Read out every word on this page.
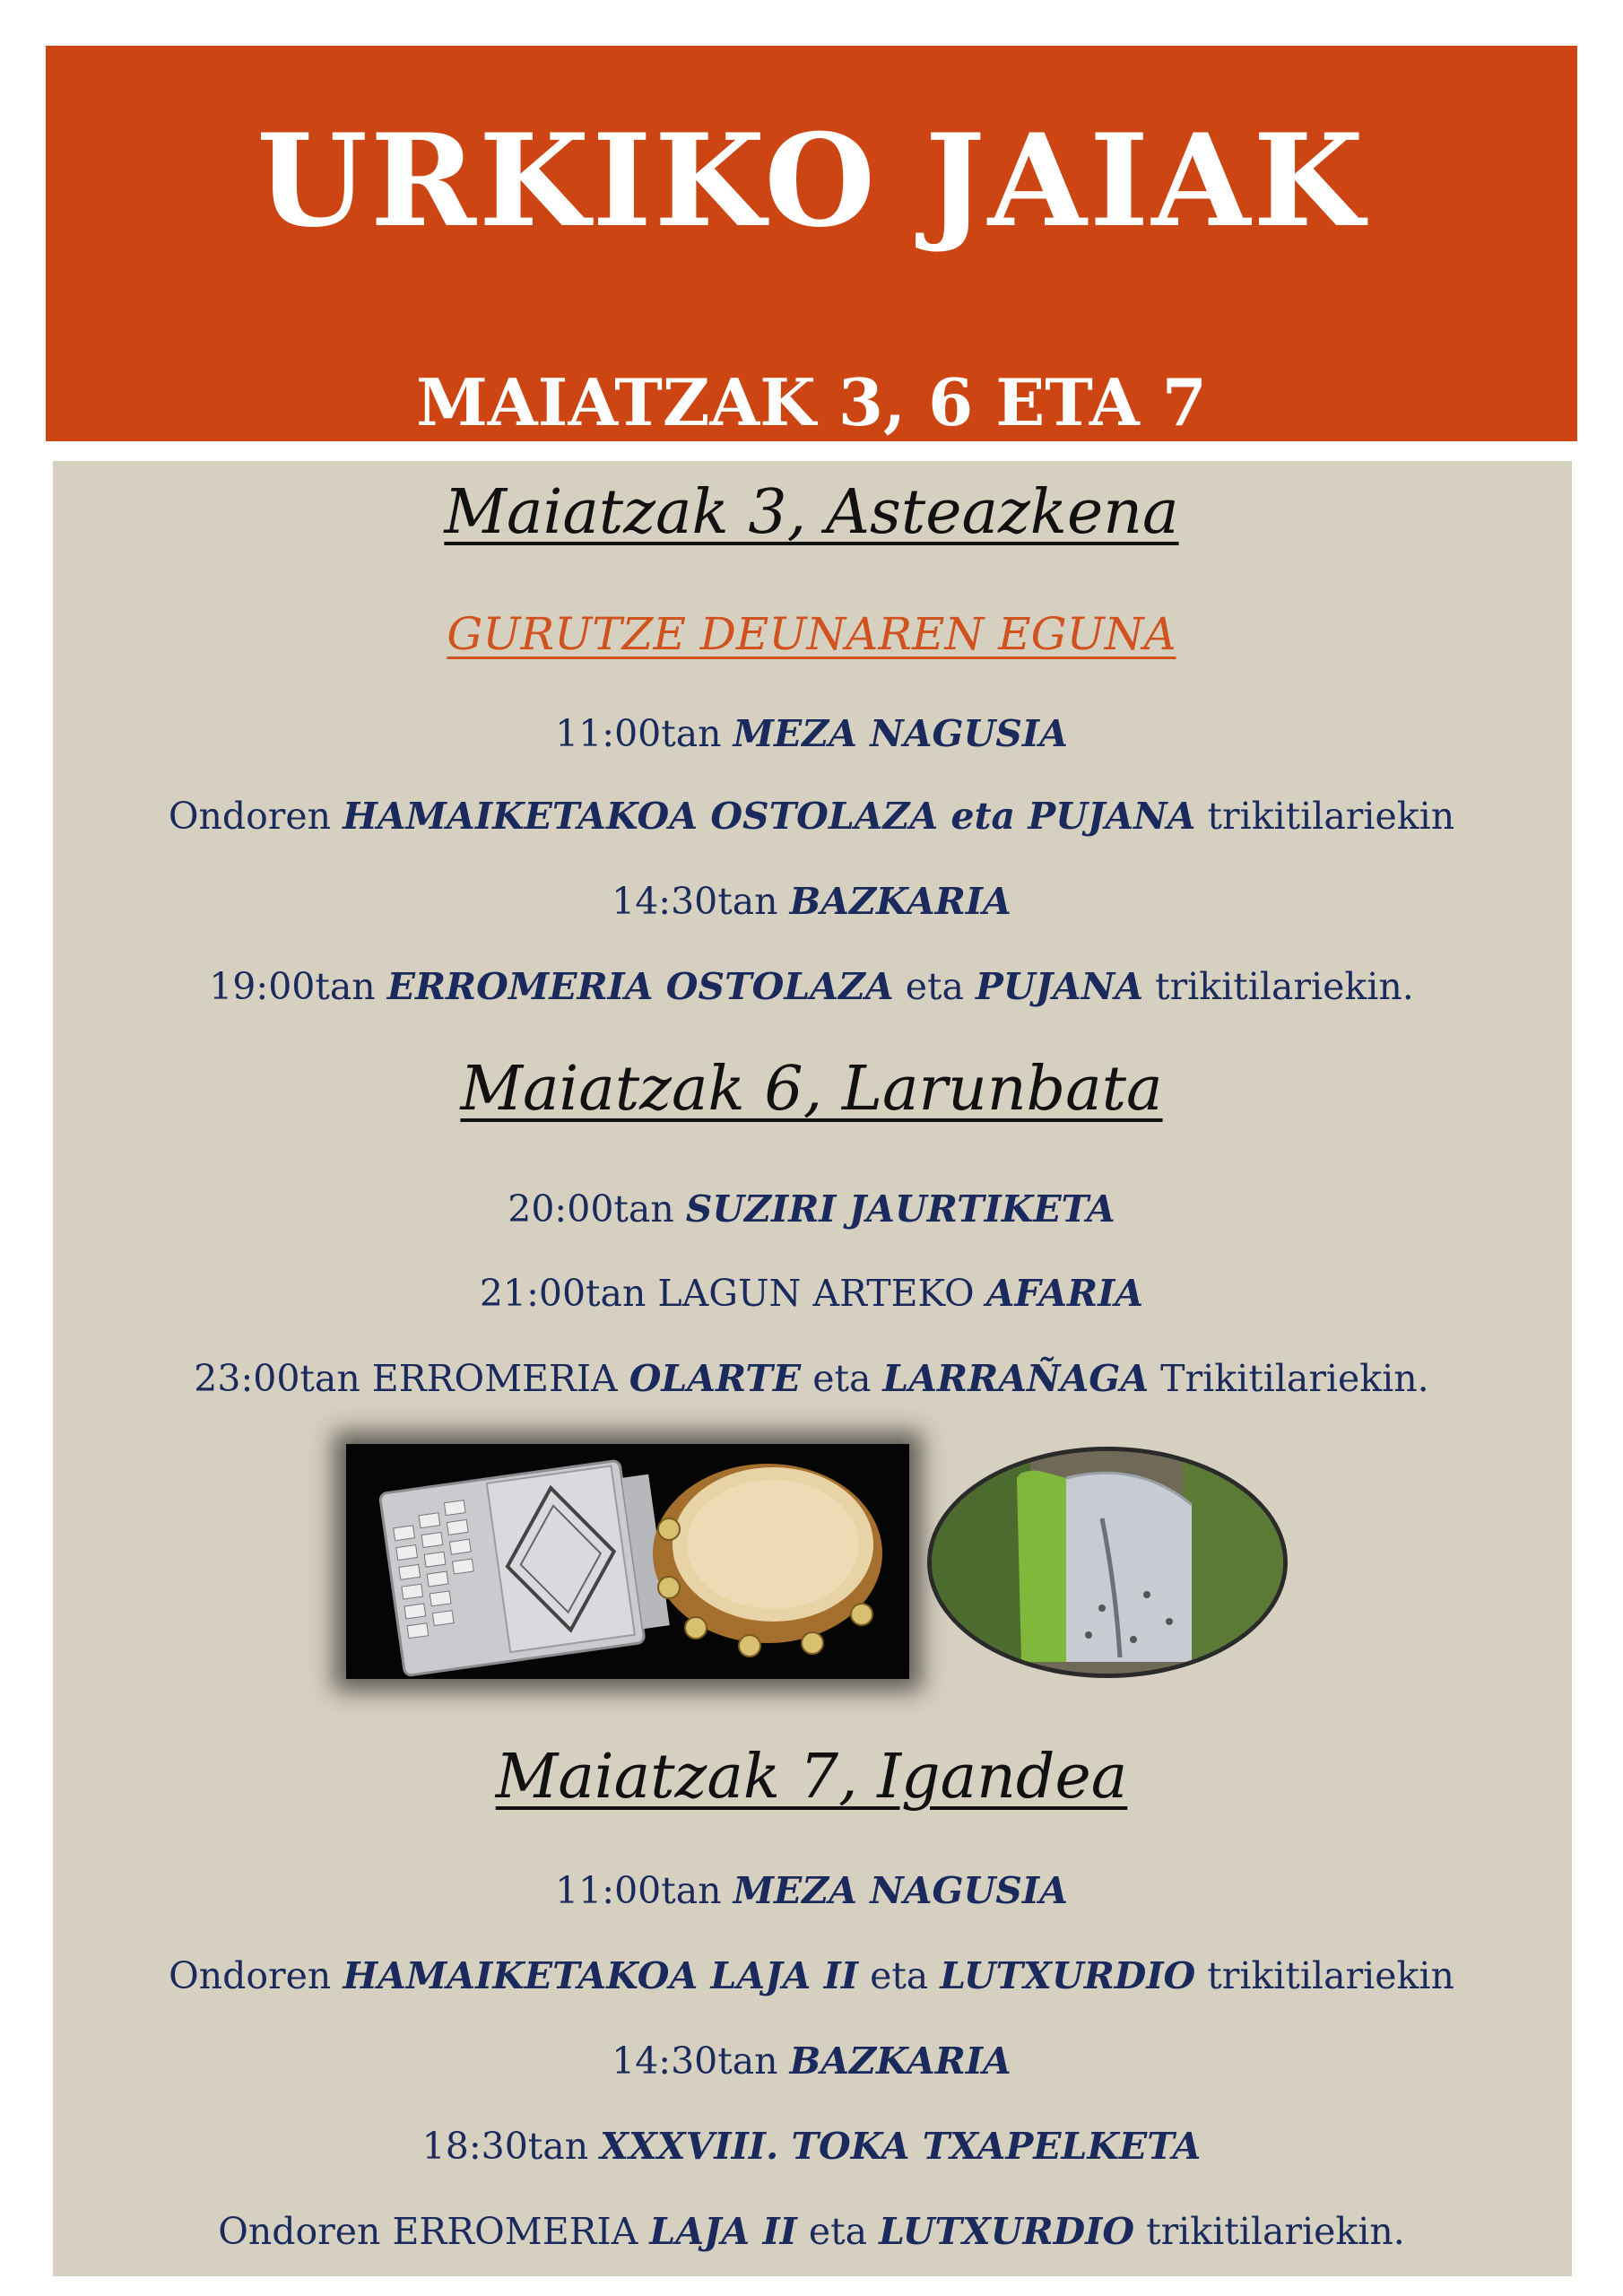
URKIKO JAIAK
MAIATZAK 3, 6 ETA 7
Maiatzak 3, Asteazkena
GURUTZE DEUNAREN EGUNA
11:00tan MEZA NAGUSIA
Ondoren HAMAIKETAKOA OSTOLAZA eta PUJANA trikitilariekin
14:30tan BAZKARIA
19:00tan ERROMERIA OSTOLAZA eta PUJANA trikitilariekin.
Maiatzak 6, Larunbata
20:00tan SUZIRI JAURTIKETA
21:00tan LAGUN ARTEKO AFARIA
23:00tan ERROMERIA OLARTE eta LARRAÑAGA Trikitilariekin.
Maiatzak 7, Igandea
11:00tan MEZA NAGUSIA
Ondoren HAMAIKETAKOA LAJA II eta LUTXURDIO trikitilariekin
14:30tan BAZKARIA
18:30tan XXXVIII. TOKA TXAPELKETA
Ondoren ERROMERIA LAJA II eta LUTXURDIO trikitilariekin.
